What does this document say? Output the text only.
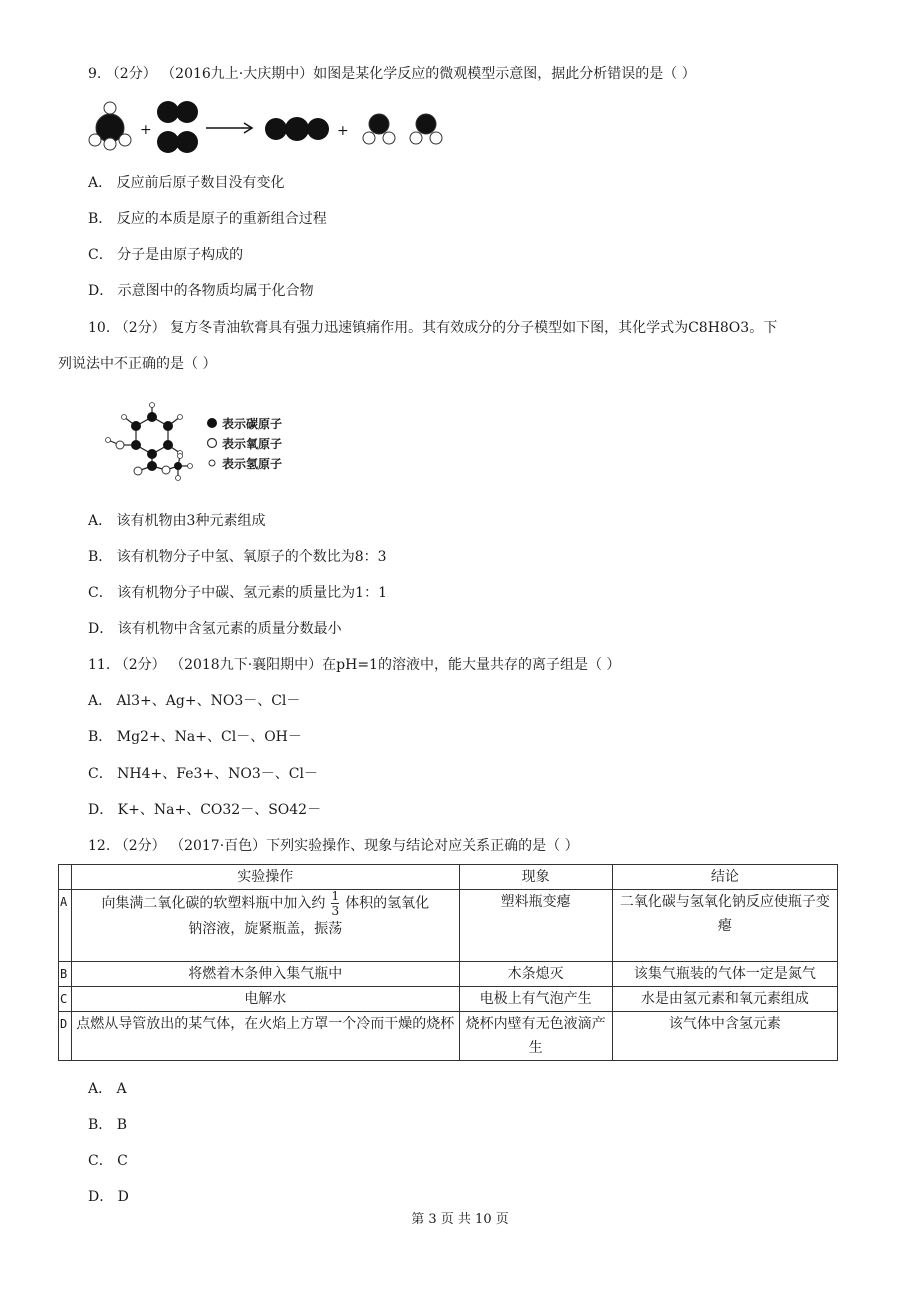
9. （2分） （2016九上·大庆期中）如图是某化学反应的微观模型示意图，据此分析错误的是（ ）
+	+
A． 反应前后原子数目没有变化
B． 反应的本质是原子的重新组合过程
C． 分子是由原子构成的
D． 示意图中的各物质均属于化合物
10. （2分） 复方冬青油软膏具有强力迅速镇痛作用。其有效成分的分子模型如下图，其化学式为C8H8O3。下
列说法中不正确的是（ ）
表示碳原子
表示氧原子
表示氢原子
A． 该有机物由3种元素组成
B． 该有机物分子中氢、氧原子的个数比为8：3
C． 该有机物分子中碳、氢元素的质量比为1：1
D． 该有机物中含氢元素的质量分数最小
11. （2分） （2018九下·襄阳期中）在pH=1的溶液中，能大量共存的离子组是（ ）
A． Al3+、Ag+、NO3－、Cl－
B． Mg2+、Na+、Cl－、OH－
C． NH4+、Fe3+、NO3－、Cl－
D． K+、Na+、CO32－、SO42－
12. （2分） （2017·百色）下列实验操作、现象与结论对应关系正确的是（ ）
	实验操作	现象	结论
A	向集满二氧化碳的软塑料瓶中加入约 $\frac{1}{3}$ 体积的氢氧化
钠溶液，旋紧瓶盖，振荡	塑料瓶变瘪	二氧化碳与氢氧化钠反应使瓶子变瘪
B	将燃着木条伸入集气瓶中	木条熄灭	该集气瓶装的气体一定是氮气
C	电解水	电极上有气泡产生	水是由氢元素和氧元素组成
D	点燃从导管放出的某气体，在火焰上方罩一个冷而干燥的烧杯	烧杯内壁有无色液滴产生	该气体中含氢元素
A． A
B． B
C． C
D． D
第 3 页 共 10 页
